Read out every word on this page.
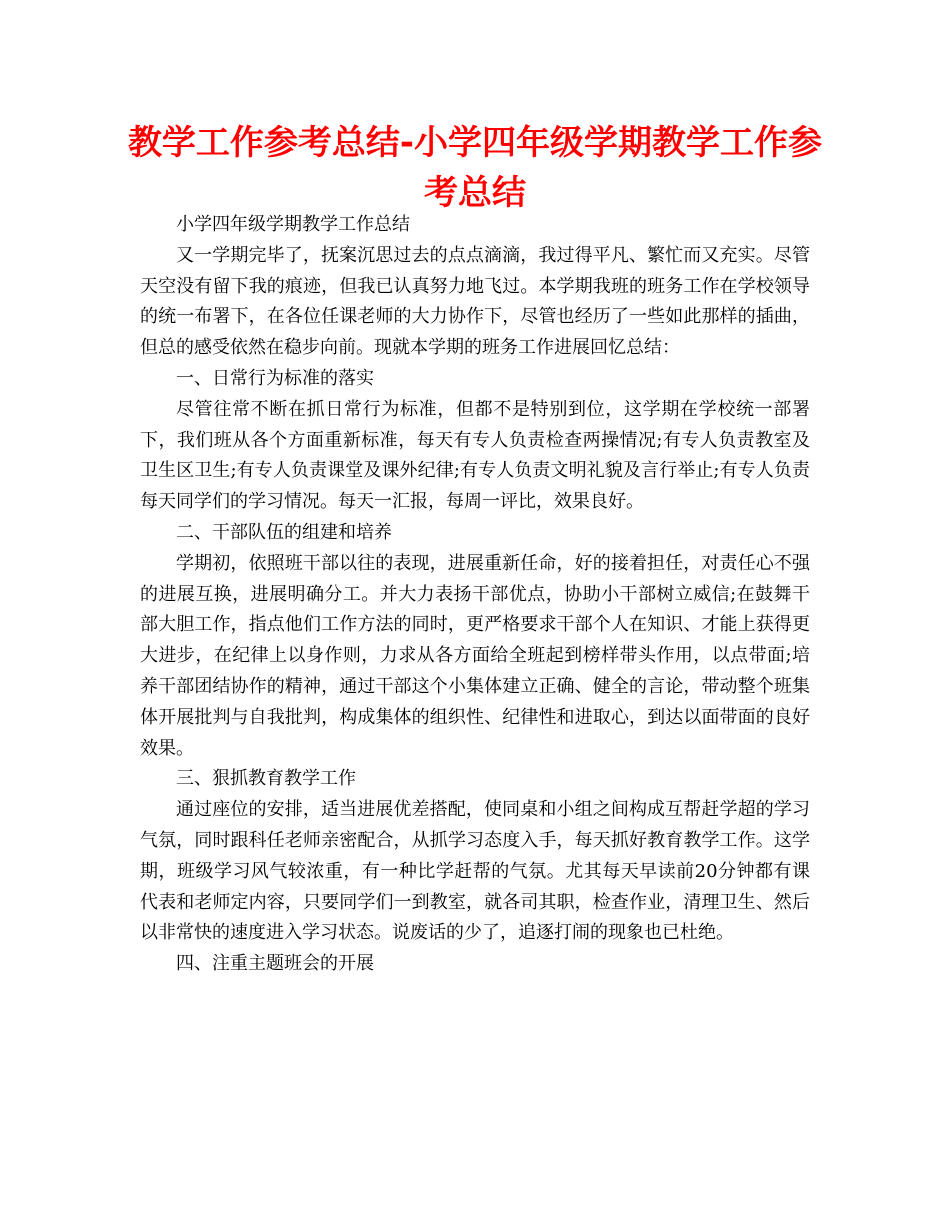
教学工作参考总结-小学四年级学期教学工作参考总结

小学四年级学期教学工作总结

又一学期完毕了，抚案沉思过去的点点滴滴，我过得平凡、繁忙而又充实。尽管天空没有留下我的痕迹，但我已认真努力地飞过。本学期我班的班务工作在学校领导的统一布署下，在各位任课老师的大力协作下，尽管也经历了一些如此那样的插曲，但总的感受依然在稳步向前。现就本学期的班务工作进展回忆总结：

一、日常行为标准的落实

尽管往常不断在抓日常行为标准，但都不是特别到位，这学期在学校统一部署下，我们班从各个方面重新标准，每天有专人负责检查两操情况;有专人负责教室及卫生区卫生;有专人负责课堂及课外纪律;有专人负责文明礼貌及言行举止;有专人负责每天同学们的学习情况。每天一汇报，每周一评比，效果良好。

二、干部队伍的组建和培养

学期初，依照班干部以往的表现，进展重新任命，好的接着担任，对责任心不强的进展互换，进展明确分工。并大力表扬干部优点，协助小干部树立威信;在鼓舞干部大胆工作，指点他们工作方法的同时，更严格要求干部个人在知识、才能上获得更大进步，在纪律上以身作则，力求从各方面给全班起到榜样带头作用，以点带面;培养干部团结协作的精神，通过干部这个小集体建立正确、健全的言论，带动整个班集体开展批判与自我批判，构成集体的组织性、纪律性和进取心，到达以面带面的良好效果。

三、狠抓教育教学工作

通过座位的安排，适当进展优差搭配，使同桌和小组之间构成互帮赶学超的学习气氛，同时跟科任老师亲密配合，从抓学习态度入手，每天抓好教育教学工作。这学期，班级学习风气较浓重，有一种比学赶帮的气氛。尤其每天早读前20分钟都有课代表和老师定内容，只要同学们一到教室，就各司其职，检查作业，清理卫生、然后以非常快的速度进入学习状态。说废话的少了，追逐打闹的现象也已杜绝。

四、注重主题班会的开展
